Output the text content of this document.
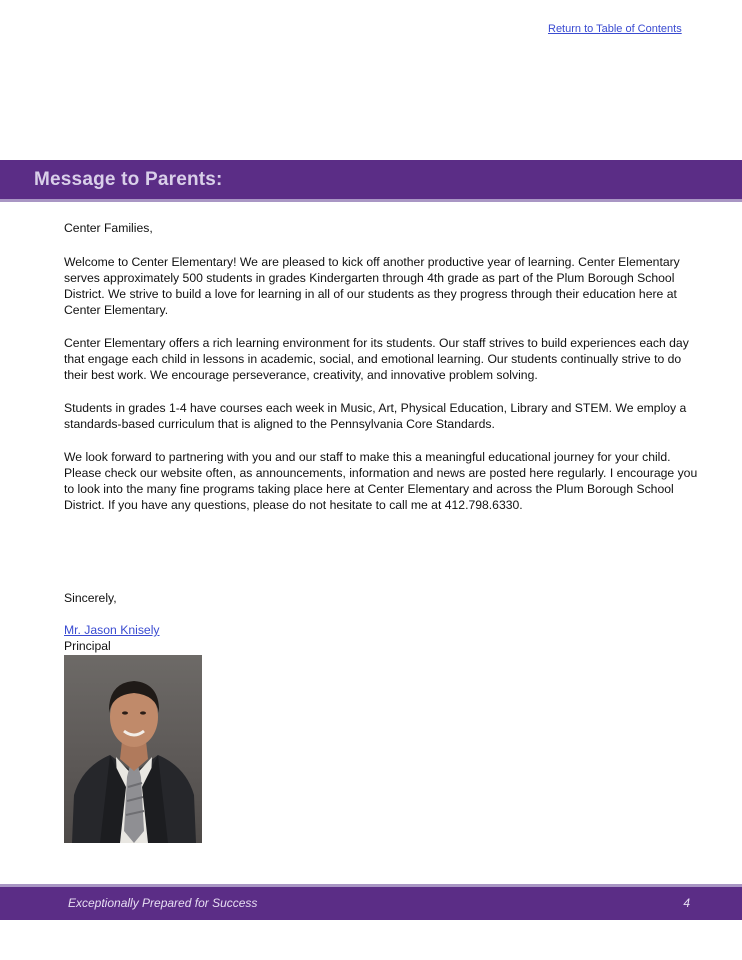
Return to Table of Contents
Message to Parents:

Center Families,

Welcome to Center Elementary! We are pleased to kick off another productive year of learning. Center Elementary serves approximately 500 students in grades Kindergarten through 4th grade as part of the Plum Borough School District. We strive to build a love for learning in all of our students as they progress through their education here at Center Elementary.

Center Elementary offers a rich learning environment for its students. Our staff strives to build experiences each day that engage each child in lessons in academic, social, and emotional learning. Our students continually strive to do their best work. We encourage perseverance, creativity, and innovative problem solving.

Students in grades 1-4 have courses each week in Music, Art, Physical Education, Library and STEM. We employ a standards-based curriculum that is aligned to the Pennsylvania Core Standards.

We look forward to partnering with you and our staff to make this a meaningful educational journey for your child. Please check our website often, as announcements, information and news are posted here regularly. I encourage you to look into the many fine programs taking place here at Center Elementary and across the Plum Borough School District. If you have any questions, please do not hesitate to call me at 412.798.6330.

Sincerely,
Mr. Jason Knisely
Principal
Exceptionally Prepared for Success	4
